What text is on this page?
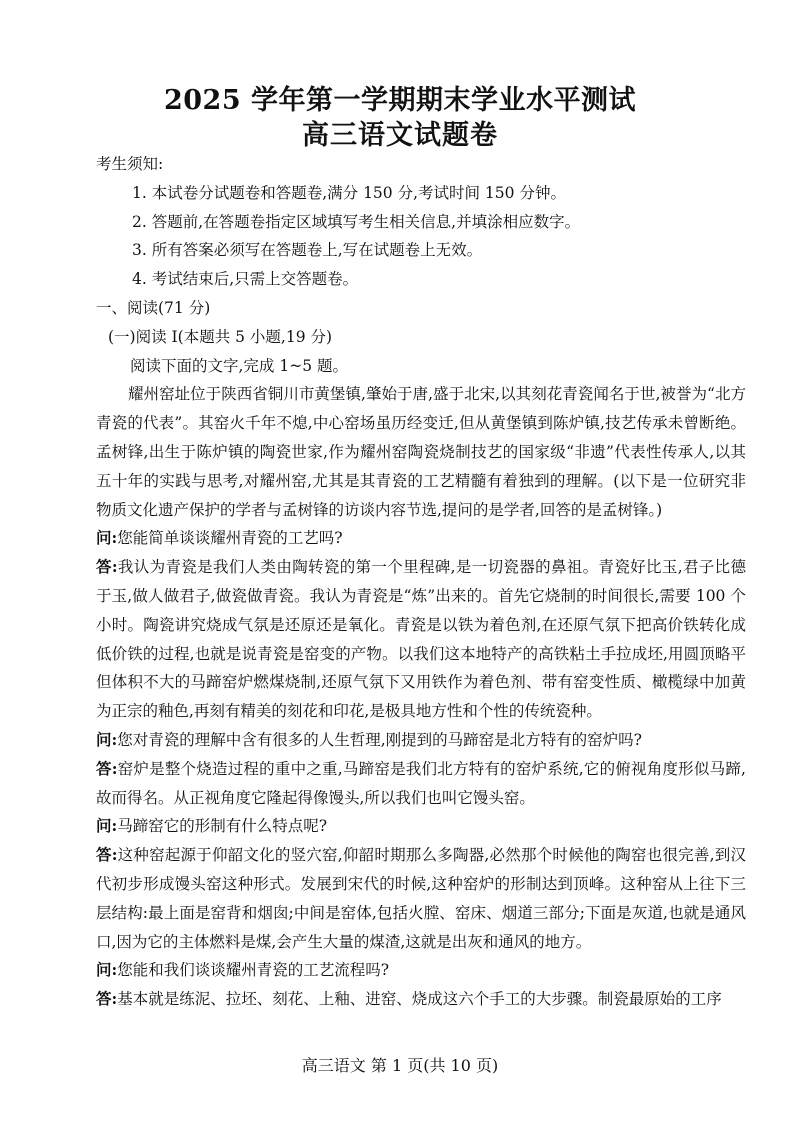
2025 学年第一学期期末学业水平测试
高三语文试题卷
考生须知:
1. 本试卷分试题卷和答题卷,满分 150 分,考试时间 150 分钟。
2. 答题前,在答题卷指定区域填写考生相关信息,并填涂相应数字。
3. 所有答案必须写在答题卷上,写在试题卷上无效。
4. 考试结束后,只需上交答题卷。
一、阅读(71 分)
(一)阅读 I(本题共 5 小题,19 分)
阅读下面的文字,完成 1~5 题。
耀州窑址位于陕西省铜川市黄堡镇,肇始于唐,盛于北宋,以其刻花青瓷闻名于世,被誉为“北方青瓷的代表”。其窑火千年不熄,中心窑场虽历经变迁,但从黄堡镇到陈炉镇,技艺传承未曾断绝。孟树锋,出生于陈炉镇的陶瓷世家,作为耀州窑陶瓷烧制技艺的国家级“非遗”代表性传承人,以其五十年的实践与思考,对耀州窑,尤其是其青瓷的工艺精髓有着独到的理解。(以下是一位研究非物质文化遗产保护的学者与孟树锋的访谈内容节选,提问的是学者,回答的是孟树锋。)
问:您能简单谈谈耀州青瓷的工艺吗?
答:我认为青瓷是我们人类由陶转瓷的第一个里程碑,是一切瓷器的鼻祖。青瓷好比玉,君子比德于玉,做人做君子,做瓷做青瓷。我认为青瓷是“炼”出来的。首先它烧制的时间很长,需要 100 个小时。陶瓷讲究烧成气氛是还原还是氧化。青瓷是以铁为着色剂,在还原气氛下把高价铁转化成低价铁的过程,也就是说青瓷是窑变的产物。以我们这本地特产的高铁粘土手拉成坯,用圆顶略平但体积不大的马蹄窑炉燃煤烧制,还原气氛下又用铁作为着色剂、带有窑变性质、橄榄绿中加黄为正宗的釉色,再刻有精美的刻花和印花,是极具地方性和个性的传统瓷种。
问:您对青瓷的理解中含有很多的人生哲理,刚提到的马蹄窑是北方特有的窑炉吗?
答:窑炉是整个烧造过程的重中之重,马蹄窑是我们北方特有的窑炉系统,它的俯视角度形似马蹄,故而得名。从正视角度它隆起得像馒头,所以我们也叫它馒头窑。
问:马蹄窑它的形制有什么特点呢?
答:这种窑起源于仰韶文化的竖穴窑,仰韶时期那么多陶器,必然那个时候他的陶窑也很完善,到汉代初步形成馒头窑这种形式。发展到宋代的时候,这种窑炉的形制达到顶峰。这种窑从上往下三层结构:最上面是窑背和烟囱;中间是窑体,包括火膛、窑床、烟道三部分;下面是灰道,也就是通风口,因为它的主体燃料是煤,会产生大量的煤渣,这就是出灰和通风的地方。
问:您能和我们谈谈耀州青瓷的工艺流程吗?
答:基本就是练泥、拉坯、刻花、上釉、进窑、烧成这六个手工的大步骤。制瓷最原始的工序
高三语文 第 1 页(共 10 页)
